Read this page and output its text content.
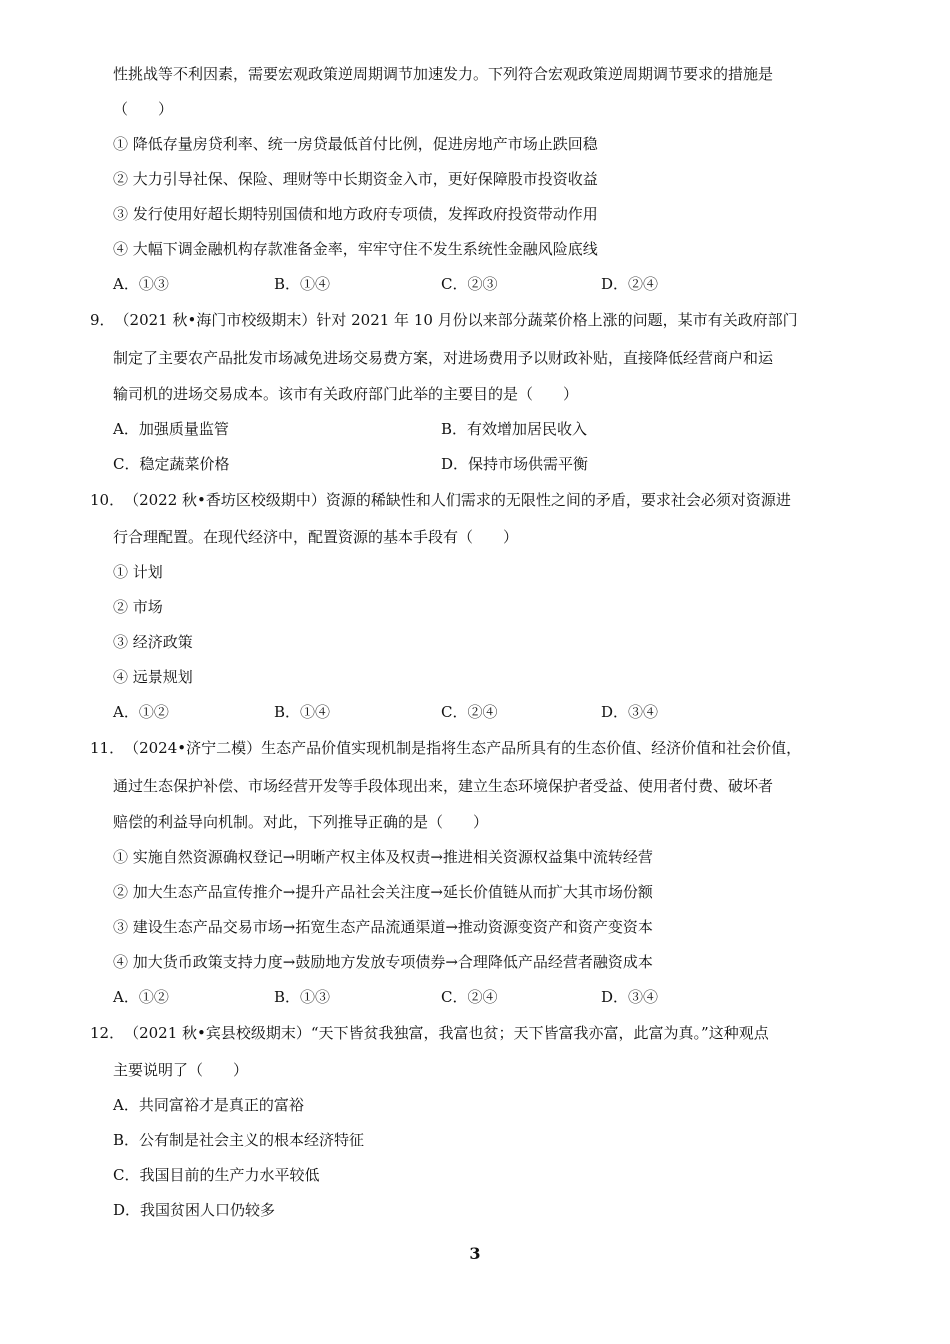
性挑战等不利因素，需要宏观政策逆周期调节加速发力。下列符合宏观政策逆周期调节要求的措施是
（　　）
① 降低存量房贷利率、统一房贷最低首付比例，促进房地产市场止跌回稳
② 大力引导社保、保险、理财等中长期资金入市，更好保障股市投资收益
③ 发行使用好超长期特别国债和地方政府专项债，发挥政府投资带动作用
④ 大幅下调金融机构存款准备金率，牢牢守住不发生系统性金融风险底线
A．①③	B．①④	C．②③	D．②④
9．（2021 秋•海门市校级期末）针对 2021 年 10 月份以来部分蔬菜价格上涨的问题，某市有关政府部门
制定了主要农产品批发市场减免进场交易费方案，对进场费用予以财政补贴，直接降低经营商户和运
输司机的进场交易成本。该市有关政府部门此举的主要目的是（　　）
A．加强质量监管	B．有效增加居民收入
C．稳定蔬菜价格	D．保持市场供需平衡
10．（2022 秋•香坊区校级期中）资源的稀缺性和人们需求的无限性之间的矛盾，要求社会必须对资源进
行合理配置。在现代经济中，配置资源的基本手段有（　　）
① 计划
② 市场
③ 经济政策
④ 远景规划
A．①②	B．①④	C．②④	D．③④
11．（2024•济宁二模）生态产品价值实现机制是指将生态产品所具有的生态价值、经济价值和社会价值，
通过生态保护补偿、市场经营开发等手段体现出来，建立生态环境保护者受益、使用者付费、破坏者
赔偿的利益导向机制。对此，下列推导正确的是（　　）
① 实施自然资源确权登记→明晰产权主体及权责→推进相关资源权益集中流转经营
② 加大生态产品宣传推介→提升产品社会关注度→延长价值链从而扩大其市场份额
③ 建设生态产品交易市场→拓宽生态产品流通渠道→推动资源变资产和资产变资本
④ 加大货币政策支持力度→鼓励地方发放专项债券→合理降低产品经营者融资成本
A．①②	B．①③	C．②④	D．③④
12．（2021 秋•宾县校级期末）“天下皆贫我独富，我富也贫；天下皆富我亦富，此富为真。”这种观点
主要说明了（　　）
A．共同富裕才是真正的富裕
B．公有制是社会主义的根本经济特征
C．我国目前的生产力水平较低
D．我国贫困人口仍较多
3
